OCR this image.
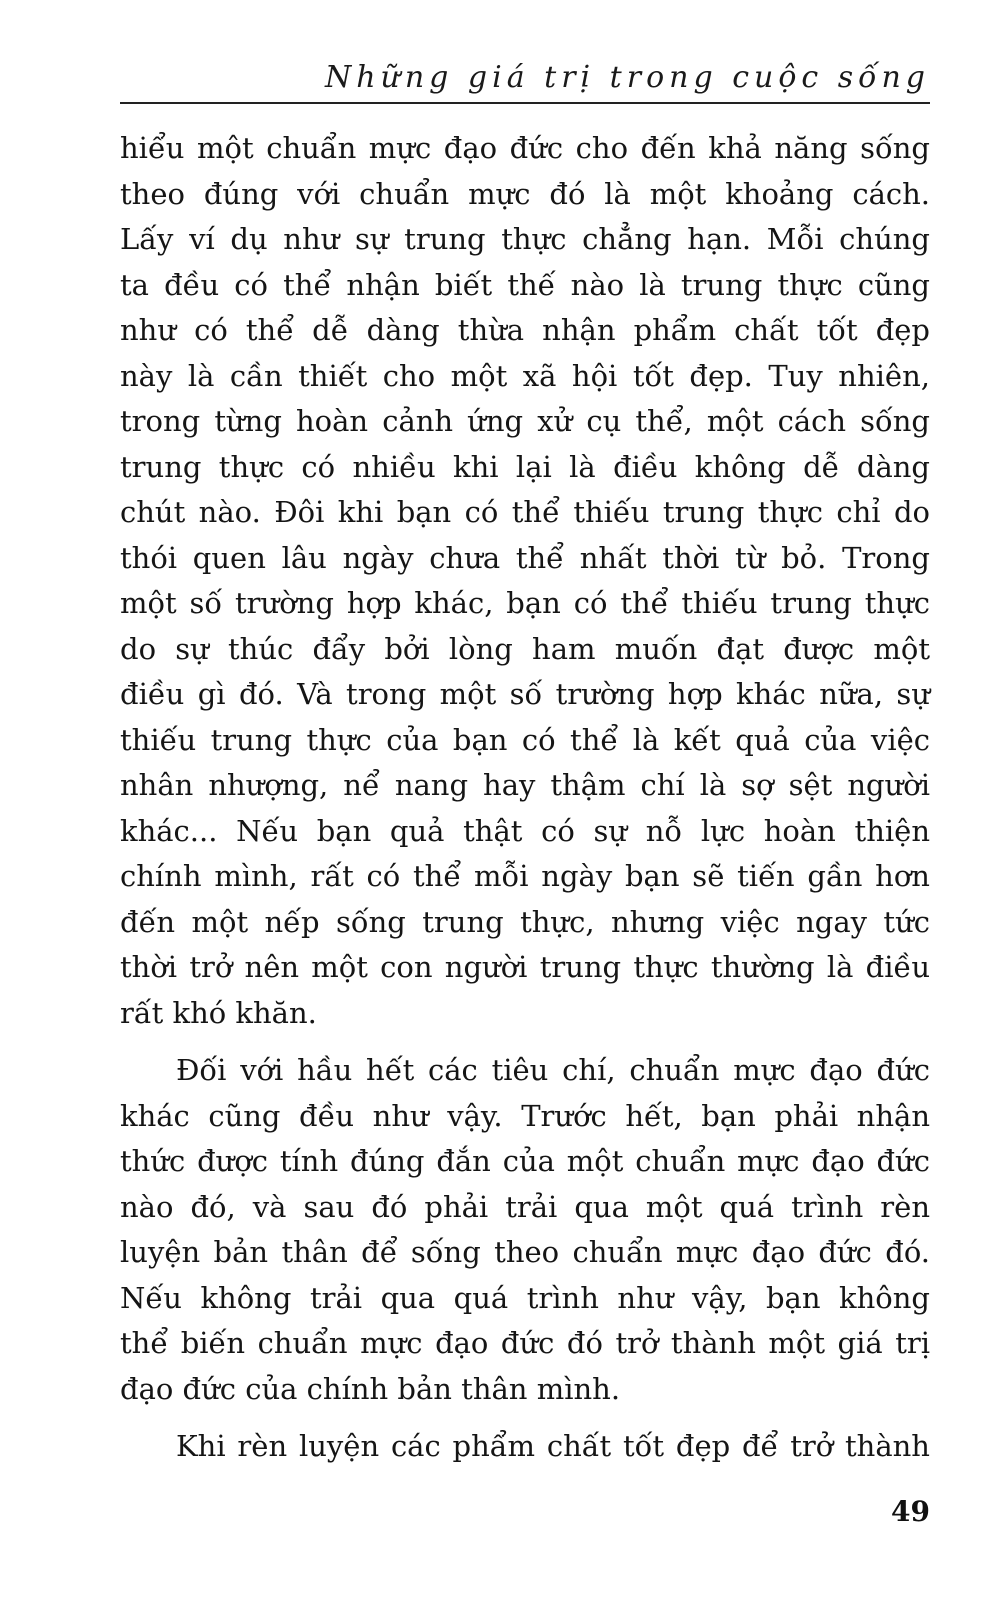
Những giá trị trong cuộc sống

hiểu một chuẩn mực đạo đức cho đến khả năng sống

theo đúng với chuẩn mực đó là một khoảng cách.

Lấy ví dụ như sự trung thực chẳng hạn. Mỗi chúng

ta đều có thể nhận biết thế nào là trung thực cũng

như có thể dễ dàng thừa nhận phẩm chất tốt đẹp

này là cần thiết cho một xã hội tốt đẹp. Tuy nhiên,

trong từng hoàn cảnh ứng xử cụ thể, một cách sống

trung thực có nhiều khi lại là điều không dễ dàng

chút nào. Đôi khi bạn có thể thiếu trung thực chỉ do

thói quen lâu ngày chưa thể nhất thời từ bỏ. Trong

một số trường hợp khác, bạn có thể thiếu trung thực

do sự thúc đẩy bởi lòng ham muốn đạt được một

điều gì đó. Và trong một số trường hợp khác nữa, sự

thiếu trung thực của bạn có thể là kết quả của việc

nhân nhượng, nể nang hay thậm chí là sợ sệt người

khác... Nếu bạn quả thật có sự nỗ lực hoàn thiện

chính mình, rất có thể mỗi ngày bạn sẽ tiến gần hơn

đến một nếp sống trung thực, nhưng việc ngay tức

thời trở nên một con người trung thực thường là điều

rất khó khăn.

Đối với hầu hết các tiêu chí, chuẩn mực đạo đức

khác cũng đều như vậy. Trước hết, bạn phải nhận

thức được tính đúng đắn của một chuẩn mực đạo đức

nào đó, và sau đó phải trải qua một quá trình rèn

luyện bản thân để sống theo chuẩn mực đạo đức đó.

Nếu không trải qua quá trình như vậy, bạn không

thể biến chuẩn mực đạo đức đó trở thành một giá trị

đạo đức của chính bản thân mình.

Khi rèn luyện các phẩm chất tốt đẹp để trở thành

49
